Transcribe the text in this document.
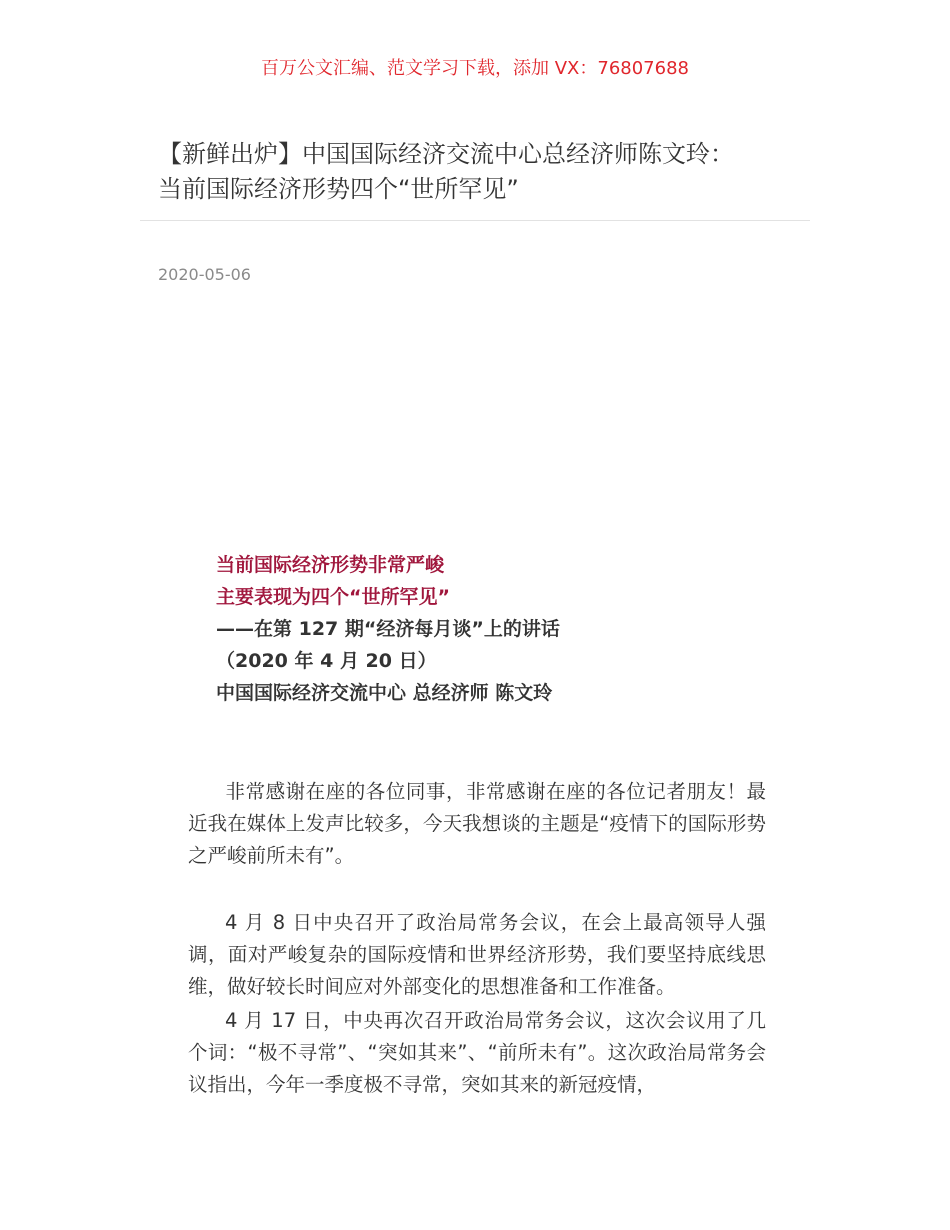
百万公文汇编、范文学习下载，添加 VX：76807688
【新鲜出炉】中国国际经济交流中心总经济师陈文玲：
当前国际经济形势四个“世所罕见”
2020-05-06
当前国际经济形势非常严峻
主要表现为四个“世所罕见”
——在第 127 期“经济每月谈”上的讲话
（2020 年 4 月 20 日）
中国国际经济交流中心 总经济师 陈文玲

非常感谢在座的各位同事，非常感谢在座的各位记者朋友！最近我在媒体上发声比较多，今天我想谈的主题是“疫情下的国际形势之严峻前所未有”。

4 月 8 日中央召开了政治局常务会议，在会上最高领导人强调，面对严峻复杂的国际疫情和世界经济形势，我们要坚持底线思维，做好较长时间应对外部变化的思想准备和工作准备。

4 月 17 日，中央再次召开政治局常务会议，这次会议用了几个词：“极不寻常”、“突如其来”、“前所未有”。这次政治局常务会议指出，今年一季度极不寻常，突如其来的新冠疫情，
